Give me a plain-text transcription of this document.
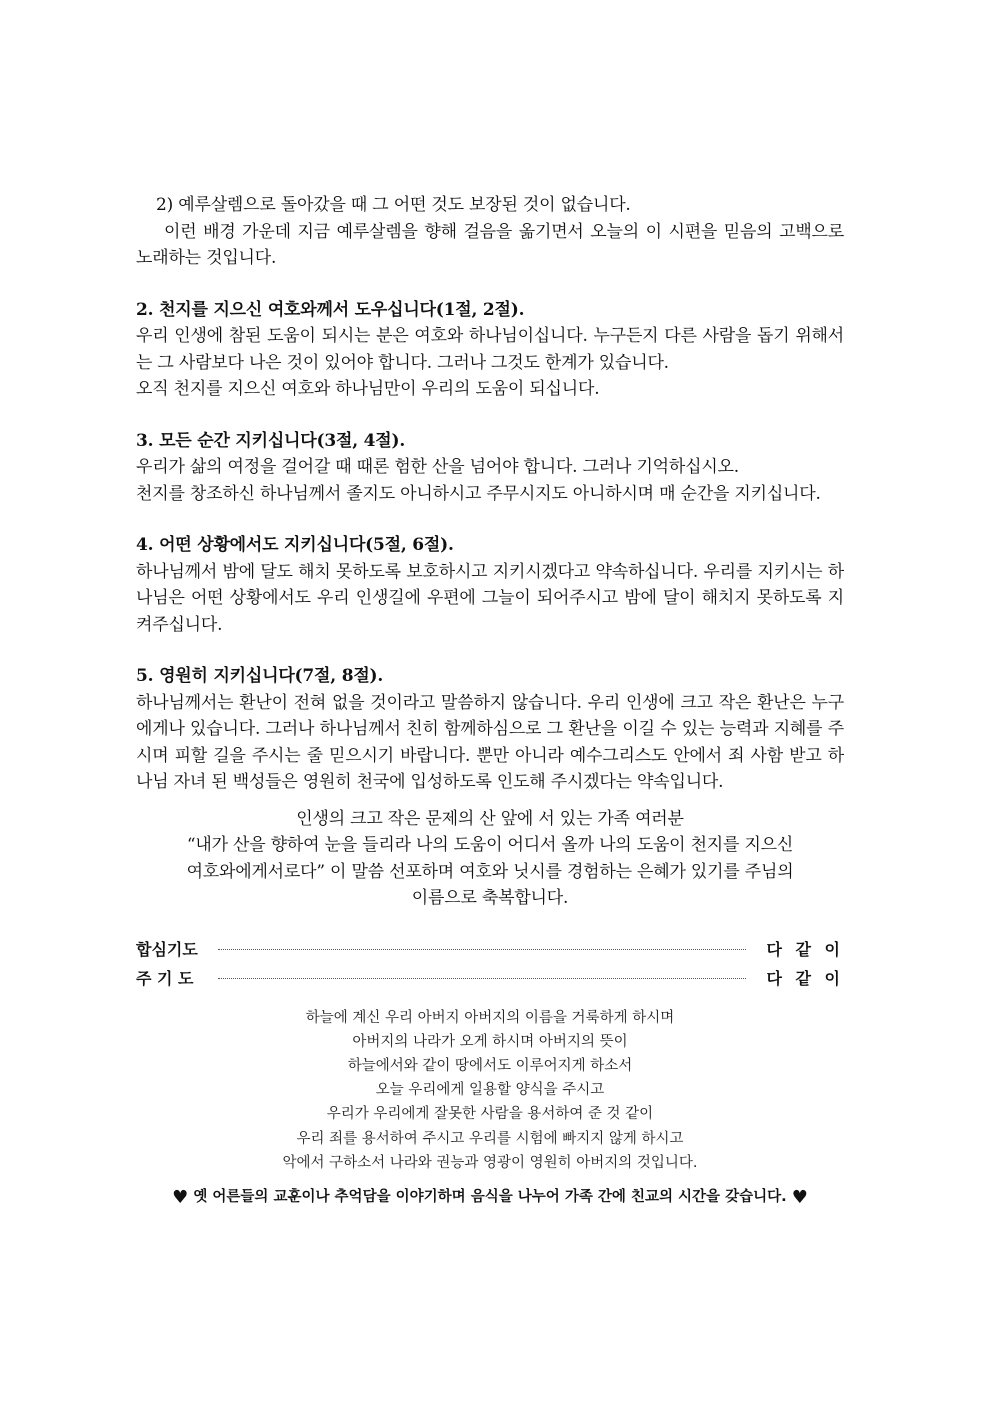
2) 예루살렘으로 돌아갔을 때 그 어떤 것도 보장된 것이 없습니다.

이런 배경 가운데 지금 예루살렘을 향해 걸음을 옮기면서 오늘의 이 시편을 믿음의 고백으로 노래하는 것입니다.

2. 천지를 지으신 여호와께서 도우십니다(1절, 2절).

우리 인생에 참된 도움이 되시는 분은 여호와 하나님이십니다. 누구든지 다른 사람을 돕기 위해서는 그 사람보다 나은 것이 있어야 합니다. 그러나 그것도 한계가 있습니다.

오직 천지를 지으신 여호와 하나님만이 우리의 도움이 되십니다.

3. 모든 순간 지키십니다(3절, 4절).

우리가 삶의 여정을 걸어갈 때 때론 험한 산을 넘어야 합니다. 그러나 기억하십시오.

천지를 창조하신 하나님께서 졸지도 아니하시고 주무시지도 아니하시며 매 순간을 지키십니다.

4. 어떤 상황에서도 지키십니다(5절, 6절).

하나님께서 밤에 달도 해치 못하도록 보호하시고 지키시겠다고 약속하십니다. 우리를 지키시는 하나님은 어떤 상황에서도 우리 인생길에 우편에 그늘이 되어주시고 밤에 달이 해치지 못하도록 지켜주십니다.

5. 영원히 지키십니다(7절, 8절).

하나님께서는 환난이 전혀 없을 것이라고 말씀하지 않습니다. 우리 인생에 크고 작은 환난은 누구에게나 있습니다. 그러나 하나님께서 친히 함께하심으로 그 환난을 이길 수 있는 능력과 지혜를 주시며 피할 길을 주시는 줄 믿으시기 바랍니다. 뿐만 아니라 예수그리스도 안에서 죄 사함 받고 하나님 자녀 된 백성들은 영원히 천국에 입성하도록 인도해 주시겠다는 약속입니다.

인생의 크고 작은 문제의 산 앞에 서 있는 가족 여러분

“내가 산을 향하여 눈을 들리라 나의 도움이 어디서 올까 나의 도움이 천지를 지으신

여호와에게서로다” 이 말씀 선포하며 여호와 닛시를 경험하는 은혜가 있기를 주님의

이름으로 축복합니다.

합심기도	다 같 이
주 기 도	다 같 이
하늘에 계신 우리 아버지 아버지의 이름을 거룩하게 하시며
아버지의 나라가 오게 하시며 아버지의 뜻이
하늘에서와 같이 땅에서도 이루어지게 하소서
오늘 우리에게 일용할 양식을 주시고
우리가 우리에게 잘못한 사람을 용서하여 준 것 같이
우리 죄를 용서하여 주시고 우리를 시험에 빠지지 않게 하시고
악에서 구하소서 나라와 권능과 영광이 영원히 아버지의 것입니다.
♥ 옛 어른들의 교훈이나 추억담을 이야기하며 음식을 나누어 가족 간에 친교의 시간을 갖습니다. ♥
